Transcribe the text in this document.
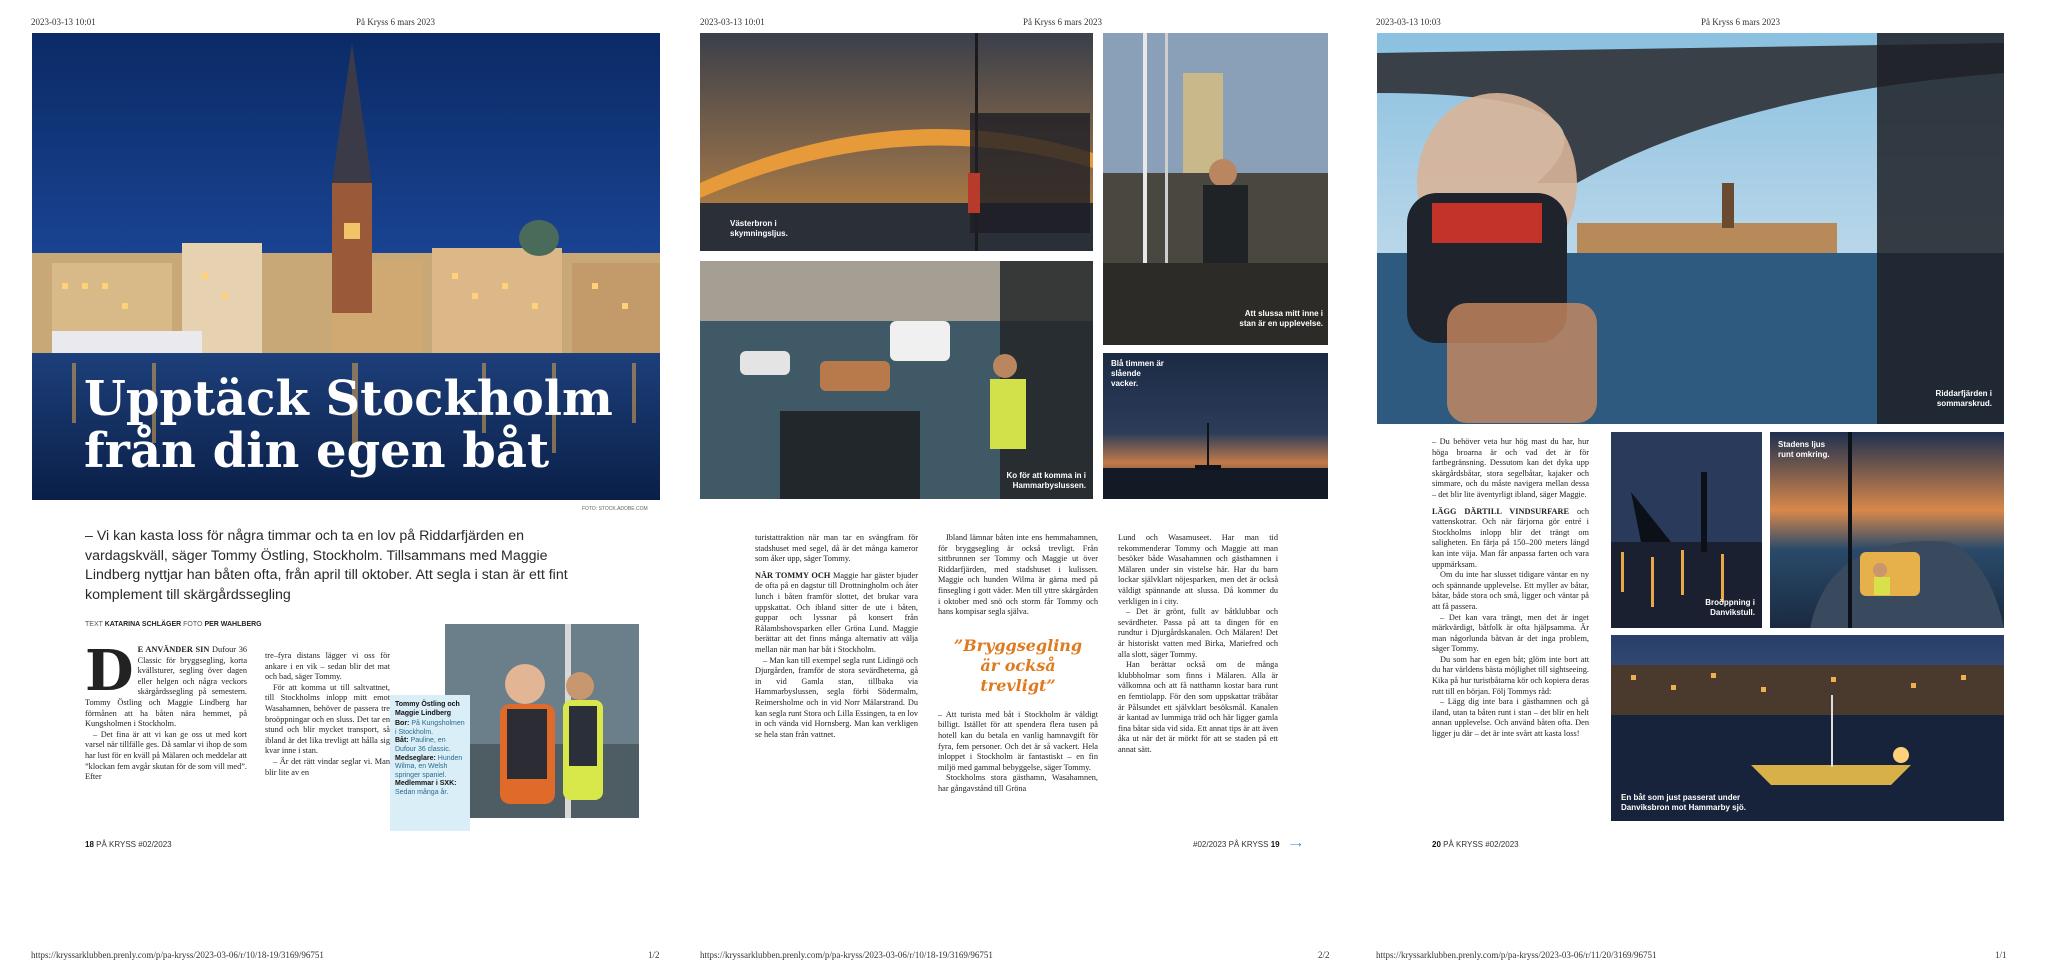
2023-03-13 10:01	På Kryss 6 mars 2023
Upptäck Stockholm
från din egen båt
FOTO: STOCK.ADOBE.COM
– Vi kan kasta loss för några timmar och ta en lov på Riddarfjärden en vardagskväll, säger Tommy Östling, Stockholm. Tillsammans med Maggie Lindberg nyttjar han båten ofta, från april till oktober. Att segla i stan är ett fint komplement till skärgårdssegling
TEXT KATARINA SCHLÄGER FOTO PER WAHLBERG
D E ANVÄNDER SIN Dufour 36 Classic för bryggsegling, korta kvällsturer, segling över dagen eller helgen och några veckors skärgårdssegling på semestern. Tommy Östling och Maggie Lindberg har förmånen att ha båten nära hemmet, på Kungsholmen i Stockholm.

– Det fina är att vi kan ge oss ut med kort varsel när tillfälle ges. Då samlar vi ihop de som har lust för en kväll på Mälaren och meddelar att ”klockan fem avgår skutan för de som vill med”. Efter

tre–fyra distans lägger vi oss för ankare i en vik – sedan blir det mat och bad, säger Tommy.

För att komma ut till saltvattnet, till Stockholms inlopp mitt emot Wasahamnen, behöver de passera tre broöppningar och en sluss. Det tar en stund och blir mycket transport, så ibland är det lika trevligt att hålla sig kvar inne i stan.

– Är det rätt vindar seglar vi. Man blir lite av en

Tommy Östling och Maggie Lindberg
Bor: På Kungsholmen i Stockholm.
Båt: Pauline, en Dufour 36 classic.
Medseglare: Hunden Wilma, en Welsh springer spaniel.
Medlemmar i SXK: Sedan många år.
18 PÅ KRYSS #02/2023
https://kryssarklubben.prenly.com/p/pa-kryss/2023-03-06/r/10/18-19/3169/96751	1/2
2023-03-13 10:01	På Kryss 6 mars 2023
Västerbron i skymningsljus.
Att slussa mitt inne i stan är en upplevelse.
Ko för att komma in i Hammarbyslussen.
Blå timmen är slående vacker.

turistattraktion när man tar en svängfram för stadshuset med segel, då är det många kameror som åker upp, säger Tommy.

NÄR TOMMY OCH Maggie har gäster bjuder de ofta på en dagstur till Drottningholm och åter lunch i båten framför slottet, det brukar vara uppskattat. Och ibland sitter de ute i båten, guppar och lyssnar på konsert från Rålambshovsparken eller Gröna Lund. Maggie berättar att det finns många alternativ att välja mellan när man har båt i Stockholm.

– Man kan till exempel segla runt Lidingö och Djurgården, framför de stora sevärdheterna, gå in vid Gamla stan, tillbaka via Hammarbyslussen, segla förbi Södermalm, Reimersholme och in vid Norr Mälarstrand. Du kan segla runt Stora och Lilla Essingen, ta en lov in och vända vid Hornsberg. Man kan verkligen se hela stan från vattnet.

Ibland lämnar båten inte ens hemmahamnen, för bryggsegling är också trevligt. Från sittbrunnen ser Tommy och Maggie ut över Riddarfjärden, med stadshuset i kulissen. Maggie och hunden Wilma är gärna med på finsegling i gott väder. Men till yttre skärgården i oktober med snö och storm får Tommy och hans kompisar segla själva.

”Bryggsegling är också trevligt”

– Att turista med båt i Stockholm är väldigt billigt. Istället för att spendera flera tusen på hotell kan du betala en vanlig hamnavgift för fyra, fem personer. Och det är så vackert. Hela inloppet i Stockholm är fantastiskt – en fin miljö med gammal bebyggelse, säger Tommy.

Stockholms stora gästhamn, Wasahamnen, har gångavstånd till Gröna

Lund och Wasamuseet. Har man tid rekommenderar Tommy och Maggie att man besöker både Wasahamnen och gästhamnen i Mälaren under sin vistelse här. Har du barn lockar självklart nöjesparken, men det är också väldigt spännande att slussa. Då kommer du verkligen in i city.

– Det är grönt, fullt av båtklubbar och sevärdheter. Passa på att ta dingen för en rundtur i Djurgårdskanalen. Och Mälaren! Det är historiskt vatten med Birka, Mariefred och alla slott, säger Tommy.

Han berättar också om de många klubbholmar som finns i Mälaren. Alla är välkomna och att få natthamn kostar bara runt en femtiolapp. För den som uppskattar träbåtar är Pålsundet ett självklart besöksmål. Kanalen är kantad av lummiga träd och här ligger gamla fina båtar sida vid sida. Ett annat tips är att även åka ut när det är mörkt för att se staden på ett annat sätt.

#02/2023 PÅ KRYSS 19 ⟶
https://kryssarklubben.prenly.com/p/pa-kryss/2023-03-06/r/10/18-19/3169/96751	2/2
2023-03-13 10:03	På Kryss 6 mars 2023
Riddarfjärden i sommarskrud.

– Du behöver veta hur hög mast du har, hur höga broarna är och vad det är för fartbegränsning. Dessutom kan det dyka upp skärgårdsbåtar, stora segelbåtar, kajaker och simmare, och du måste navigera mellan dessa – det blir lite äventyrligt ibland, säger Maggie.

LÄGG DÄRTILL VINDSURFARE och vattenskotrar. Och när färjorna gör entré i Stockholms inlopp blir det trängt om saligheten. En färja på 150–200 meters längd kan inte väja. Man får anpassa farten och vara uppmärksam.

Om du inte har slusset tidigare väntar en ny och spännande upplevelse. Ett myller av båtar, båtar, både stora och små, ligger och väntar på att få passera.

– Det kan vara trängt, men det är inget märkvärdigt, båtfolk är ofta hjälpsamma. Är man någorlunda båtvan är det inga problem, säger Tommy.

Du som har en egen båt; glöm inte bort att du har världens bästa möjlighet till sightseeing. Kika på hur turistbåtarna kör och kopiera deras rutt till en början. Följ Tommys råd:

– Lägg dig inte bara i gästhamnen och gå iland, utan ta båten runt i stan – det blir en helt annan upplevelse. Och använd båten ofta. Den ligger ju där – det är inte svårt att kasta loss!

Broöppning i Danvikstull.
Stadens ljus runt omkring.
En båt som just passerat under Danviksbron mot Hammarby sjö.
20 PÅ KRYSS #02/2023
https://kryssarklubben.prenly.com/p/pa-kryss/2023-03-06/r/11/20/3169/96751	1/1
